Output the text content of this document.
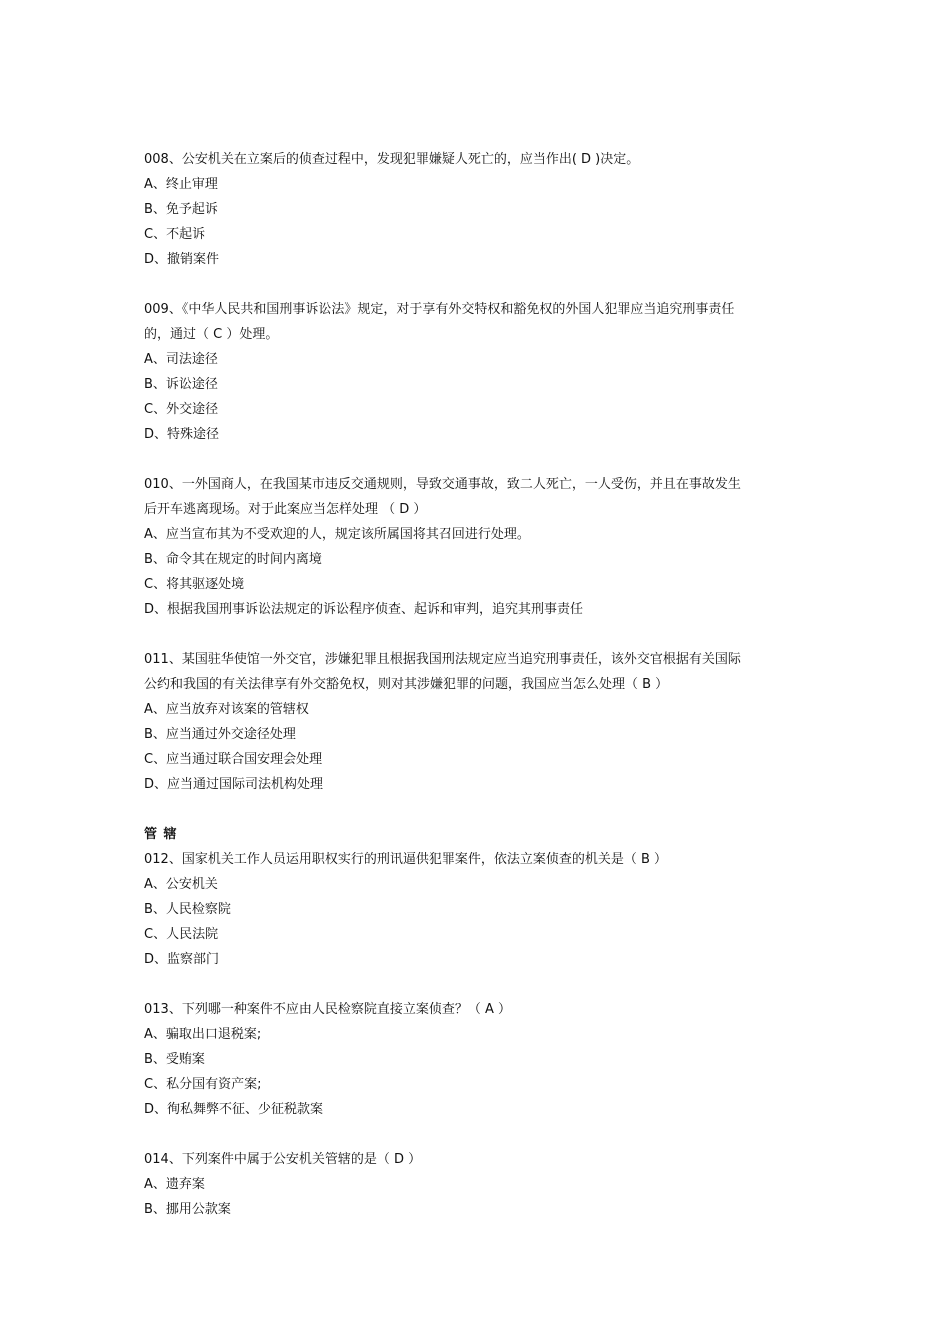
008、公安机关在立案后的侦查过程中，发现犯罪嫌疑人死亡的，应当作出( D )决定。
A、终止审理
B、免予起诉
C、不起诉
D、撤销案件
009、《中华人民共和国刑事诉讼法》规定，对于享有外交特权和豁免权的外国人犯罪应当追究刑事责任
的，通过（ C ）处理。
A、司法途径
B、诉讼途径
C、外交途径
D、特殊途径
010、一外国商人，在我国某市违反交通规则，导致交通事故，致二人死亡，一人受伤，并且在事故发生
后开车逃离现场。对于此案应当怎样处理 （ D ）
A、应当宣布其为不受欢迎的人，规定该所属国将其召回进行处理。
B、命令其在规定的时间内离境
C、将其驱逐处境
D、根据我国刑事诉讼法规定的诉讼程序侦查、起诉和审判，追究其刑事责任
011、某国驻华使馆一外交官，涉嫌犯罪且根据我国刑法规定应当追究刑事责任，该外交官根据有关国际
公约和我国的有关法律享有外交豁免权，则对其涉嫌犯罪的问题，我国应当怎么处理（ B ）
A、应当放弃对该案的管辖权
B、应当通过外交途径处理
C、应当通过联合国安理会处理
D、应当通过国际司法机构处理
管 辖
012、国家机关工作人员运用职权实行的刑讯逼供犯罪案件，依法立案侦查的机关是（ B ）
A、公安机关
B、人民检察院
C、人民法院
D、监察部门
013、下列哪一种案件不应由人民检察院直接立案侦查？（ A ）
A、骗取出口退税案;
B、受贿案
C、私分国有资产案;
D、徇私舞弊不征、少征税款案
014、下列案件中属于公安机关管辖的是（ D ）
A、遗弃案
B、挪用公款案
